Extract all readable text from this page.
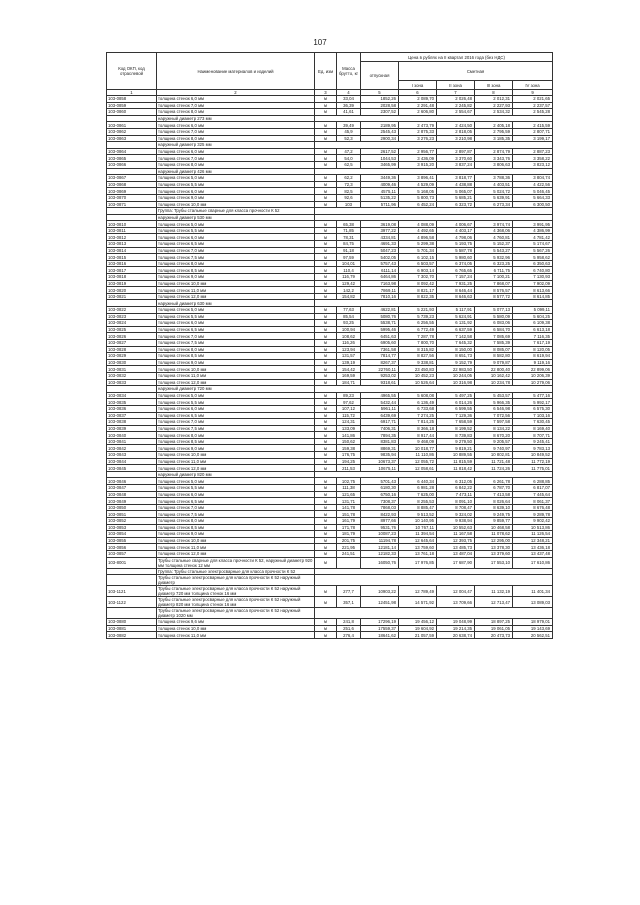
107
Код ОКП, код отраслевой	Наименование материалов и изделий	Ед. изм	Масса брутто, кг	Цена в рублях на II квартал 2016 года (без НДС)				
				отпускная	Сметная			
					I зона	II зона	III зона	IV зона
1	2	3	4	5	6	7	8	9
103-0858	толщина стенок 6,0 мм	м	33,04	1852,26	2 089,70	2 026,48	2 012,31	2 021,65
103-0859	толщина стенок 7,0 мм	м	36,39	2028,58	2 291,48	2 245,82	2 227,93	2 237,57
103-0860	толщина стенок 8,0 мм	м	41,61	2307,52	2 606,80	2 554,67	2 534,32	2 545,28
	наружный диаметр 273 мм							
103-0861	толщина стенок 6,0 мм	м	39,49	2189,95	2 473,79	2 424,50	2 405,18	2 415,59
103-0862	толщина стенок 7,0 мм	м	45,9	2545,43	2 875,33	2 818,05	2 795,59	2 807,71
103-0863	толщина стенок 8,0 мм	м	52,3	2900,34	3 276,23	3 210,98	3 185,35	3 199,17
	наружный диаметр 325 мм							
103-0864	толщина стенок 6,0 мм	м	47,2	2617,52	2 956,77	2 897,87	2 874,79	2 887,23
103-0865	толщина стенок 7,0 мм	м	54,0	1044,53	3 436,09	3 370,60	3 343,76	3 358,22
103-0866	толщина стенок 8,0 мм	м	62,5	3465,99	3 915,20	3 837,24	3 806,63	3 823,12
	наружный диаметр 426 мм							
103-0867	толщина стенок 5,0 мм	м	62,2	3449,36	3 896,41	3 818,77	3 788,36	3 804,74
103-0868	толщина стенок 5,5 мм	м	72,3	4009,46	4 529,09	4 438,88	4 403,51	4 422,56
103-0869	толщина стенок 6,0 мм	м	82,5	4575,11	5 168,05	5 065,07	5 024,72	5 046,45
103-0870	толщина стенок 9,0 мм	м	92,6	5135,22	5 800,73	5 685,21	5 639,91	5 664,33
103-0871	толщина стенок 10,0 мм	м	103	5711,96	6 452,24	6 323,72	6 273,34	6 300,50
	Группа: Трубы стальные сварные для класса прочности К 52							
	наружный диаметр 530 мм							
103-0810	толщина стенок 5,0 мм	м	65,38	3619,08	4 088,09	4 006,67	3 974,74	3 991,95
103-0811	толщина стенок 5,5 мм	м	71,85	3977,22	4 492,65	4 403,17	4 368,06	4 386,99
103-0812	толщина стенок 6,0 мм	м	78,31	4334,81	4 896,58	4 798,06	4 760,81	4 781,42
103-0813	толщина стенок 6,5 мм	м	84,75	4691,33	5 299,38	5 193,75	5 152,37	5 174,67
103-0814	толщина стенок 7,0 мм	м	91,18	5047,23	5 701,34	5 587,78	5 543,27	5 567,26
103-0815	толщина стенок 7,5 мм	м	97,59	5402,05	6 102,15	5 980,60	5 932,96	5 958,62
103-0816	толщина стенок 8,0 мм	м	104,01	5757,43	6 503,57	6 374,05	6 323,25	6 350,63
103-0817	толщина стенок 8,5 мм	м	110,4	6111,14	6 903,14	6 765,65	6 711,75	6 740,80
103-0818	толщина стенок 9,0 мм	м	116,79	6464,86	7 302,70	7 157,24	7 100,21	7 130,93
103-0819	толщина стенок 10,0 мм	м	129,42	7163,98	8 092,42	7 931,25	7 868,07	7 902,09
103-0820	толщина стенок 11,0 мм	м	142,2	7869,11	8 821,17	8 646,44	8 576,57	8 613,66
103-0821	толщина стенок 12,0 мм	м	154,82	7810,16	8 822,35	8 646,63	8 577,72	8 614,85
	наружный диаметр 630 мм							
103-0822	толщина стенок 5,0 мм	м	77,63	4622,81	5 221,93	5 117,91	5 077,13	5 099,11
103-0823	толщина стенок 5,5 мм	м	85,54	5080,76	5 739,23	5 624,91	5 580,09	5 604,25
103-0824	толщина стенок 6,0 мм	м	93,25	5538,71	6 256,55	6 131,92	6 083,06	6 109,38
103-0825	толщина стенок 6,5 мм	м	100,94	5995,46	6 772,49	6 637,59	6 584,70	6 613,18
103-0826	толщина стенок 7,0 мм	м	108,62	6451,63	7 287,78	7 142,58	7 085,69	7 116,35
103-0827	толщина стенок 7,5 мм	м	116,26	6905,60	7 800,70	7 645,32	7 585,39	7 617,19
103-0828	толщина стенок 8,0 мм	м	123,94	7361,58	8 315,82	8 150,00	8 085,07	8 120,05
103-0829	толщина стенок 8,5 мм	м	131,57	7814,77	8 827,56	8 651,73	8 582,80	8 619,94
103-0830	толщина стенок 9,0 мм	м	139,19	8267,37	9 338,81	9 152,79	9 079,87	9 119,16
103-0831	толщина стенок 10,0 мм	м	154,42	22760,11	23 450,83	22 983,50	22 800,40	22 899,06
103-0832	толщина стенок 11,0 мм	м	169,59	9253,02	10 452,23	10 244,05	10 162,42	10 206,39
103-0833	толщина стенок 12,0 мм	м	184,71	9318,61	10 526,64	10 316,98	10 234,78	10 279,06
	наружный диаметр 720 мм							
103-0834	толщина стенок 5,0 мм	м	89,23	4965,55	5 608,08	5 497,25	5 453,57	5 477,16
103-0835	толщина стенок 5,5 мм	м	97,62	5432,44	6 136,49	6 014,26	5 966,35	5 992,17
103-0836	толщина стенок 6,0 мм	м	107,12	5961,11	6 733,68	6 599,55	6 546,98	6 575,30
103-0837	толщина стенок 6,5 мм	м	115,72	6439,69	7 274,25	7 129,36	7 072,56	7 103,16
103-0838	толщина стенок 7,0 мм	м	124,31	6917,71	7 814,25	7 658,59	7 597,58	7 630,45
103-0839	толщина стенок 7,5 мм	м	133,09	7406,31	8 366,18	8 199,52	8 134,22	8 169,40
103-0840	толщина стенок 8,0 мм	м	141,86	7894,35	8 917,44	8 739,83	8 670,20	8 707,71
103-0841	толщина стенок 8,5 мм	м	150,62	8381,83	9 468,09	9 279,50	9 205,57	9 245,41
103-0842	толщина стенок 9,0 мм	м	159,38	8869,31	10 018,77	9 819,21	9 740,97	9 783,13
103-0843	толщина стенок 10,0 мм	м	176,75	9835,94	11 110,86	10 889,55	10 802,81	10 849,52
103-0844	толщина стенок 11,0 мм	м	194,25	10673,37	12 055,72	11 815,59	11 721,48	11 772,19
103-0845	толщина стенок 12,0 мм	м	211,53	10675,11	12 058,61	11 818,42	11 724,26	11 775,01
	наружный диаметр 820 мм							
103-0846	толщина стенок 5,0 мм	м	102,75	5701,43	6 440,34	6 312,05	6 261,78	6 288,85
103-0847	толщина стенок 5,5 мм	м	111,38	6180,30	6 981,28	6 842,22	6 787,70	6 817,07
103-0848	толщина стенок 6,0 мм	м	121,65	6750,16	7 625,00	7 473,11	7 413,58	7 445,64
103-0849	толщина стенок 6,5 мм	м	131,71	7308,37	8 255,53	8 091,10	8 026,64	8 061,37
103-0850	толщина стенок 7,0 мм	м	141,78	7868,03	8 885,47	8 708,47	8 639,10	8 676,48
103-0851	толщина стенок 7,5 мм	м	151,78	8422,93	9 513,52	9 324,02	9 249,75	9 289,78
103-0852	толщина стенок 8,0 мм	м	161,79	8977,66	10 140,95	9 938,94	9 859,77	9 902,42
103-0853	толщина стенок 8,5 мм	м	171,78	9531,76	10 767,11	10 552,63	10 468,58	10 513,86
103-0854	толщина стенок 9,0 мм	м	181,79	10087,23	11 394,54	11 167,58	11 078,62	11 126,54
103-0855	толщина стенок 10,0 мм	м	201,75	11194,78	12 645,64	12 393,75	12 295,00	12 348,21
103-0856	толщина стенок 11,0 мм	м	221,95	12181,14	13 759,60	13 485,73	13 378,30	13 436,18
103-0857	толщина стенок 12,0 мм	м	241,51	12182,33	13 761,18	13 487,04	13 379,60	13 437,48
103-8001	Трубы стальные сварные для класса прочности К 52, наружный диаметр 920 мм толщина стенок 12 мм	м		16050,76	17 976,85	17 687,90	17 553,10	17 610,86
	Группа: Трубы стальные электросварные для класса прочности К 52							
	Трубы стальные электросварные для класса прочности К 52 наружный диаметр							
103-1121	Трубы стальные электросварные для класса прочности К 52 наружный диаметр 720 мм толщина стенок 16 мм	м	277,7	10903,22	12 789,49	12 004,47	11 132,19	11 401,34
103-1122	Трубы стальные электросварные для класса прочности К 52 наружный диаметр 820 мм толщина стенок 16 мм	м	357,1	12451,98	14 571,92	13 709,66	12 713,47	13 089,03
	Трубы стальные электросварные для класса прочности К 52 наружный диаметр 1020 мм							
103-0880	толщина стенок 9,6 мм	м	241,8	17296,19	19 456,12	19 048,99	18 897,25	18 979,01
103-0881	толщина стенок 10,0 мм	м	251,6	17559,37	19 604,92	19 214,35	19 061,05	19 143,69
103-0882	толщина стенок 11,0 мм	м	276,4	18641,62	21 057,59	20 638,74	20 473,73	20 562,51
